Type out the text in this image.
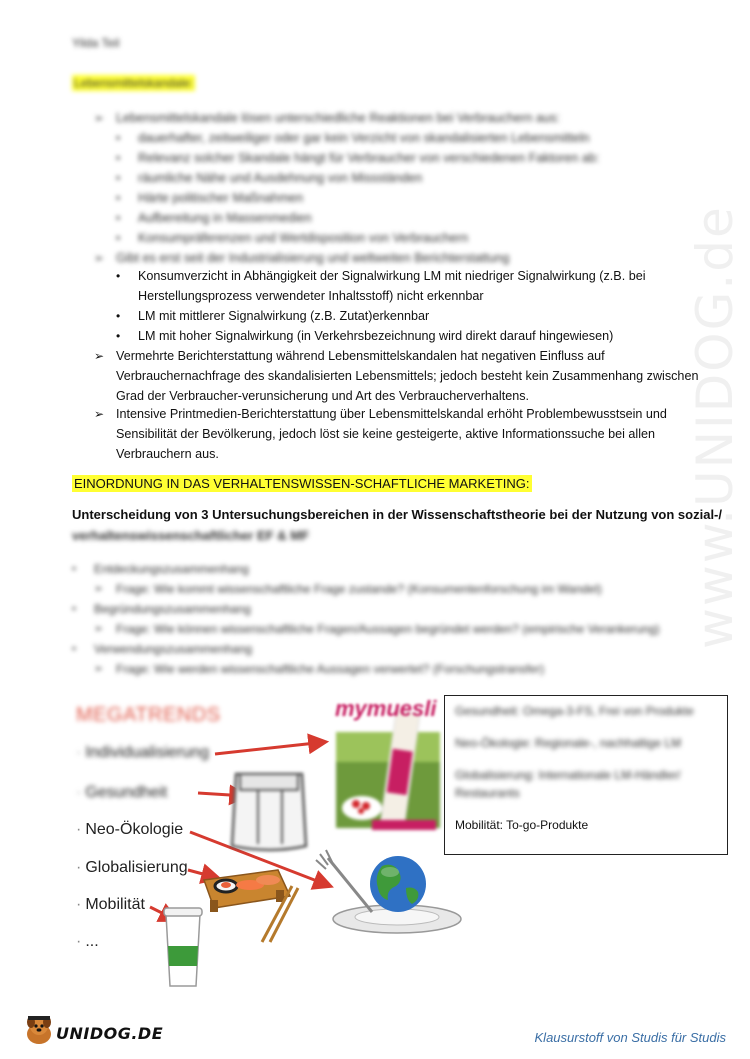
www.UNIDOG.de
Yilda Teil
Lebensmittelskandale:
➢ Lebensmittelskandale lösen unterschiedliche Reaktionen bei Verbrauchern aus:
• dauerhafter, zeitweiliger oder gar kein Verzicht von skandalisierten Lebensmitteln
• Relevanz solcher Skandale hängt für Verbraucher von verschiedenen Faktoren ab:
• räumliche Nähe und Ausdehnung von Missständen
• Härte politischer Maßnahmen
• Aufbereitung in Massenmedien
• Konsumpräferenzen und Wertdisposition von Verbrauchern
➢ Gibt es erst seit der Industrialisierung und weltweiten Berichterstattung
• Konsumverzicht in Abhängigkeit der Signalwirkung LM mit niedriger Signalwirkung (z.B. bei
Herstellungsprozess verwendeter Inhaltsstoff) nicht erkennbar
• LM mit mittlerer Signalwirkung (z.B. Zutat)erkennbar
• LM mit hoher Signalwirkung (in Verkehrsbezeichnung wird direkt darauf hingewiesen)
➢ Vermehrte Berichterstattung während Lebensmittelskandalen hat negativen Einfluss auf
Verbrauchernachfrage des skandalisierten Lebensmittels; jedoch besteht kein Zusammenhang zwischen
Grad der Verbraucher-verunsicherung und Art des Verbraucherverhaltens.
➢ Intensive Printmedien-Berichterstattung über Lebensmittelskandal erhöht Problembewusstsein und
Sensibilität der Bevölkerung, jedoch löst sie keine gesteigerte, aktive Informationssuche bei allen
Verbrauchern aus.
EINORDNUNG IN DAS VERHALTENSWISSEN-SCHAFTLICHE MARKETING:
Unterscheidung von 3 Untersuchungsbereichen in der Wissenschaftstheorie bei der Nutzung von sozial-/
verhaltenswissenschaftlicher EF & MF
• Entdeckungszusammenhang
➢ Frage: Wie kommt wissenschaftliche Frage zustande? (Konsumentenforschung im Wandel)
• Begründungszusammenhang
➢ Frage: Wie können wissenschaftliche Fragen/Aussagen begründet werden? (empirische Verankerung)
• Verwendungszusammenhang
➢ Frage: Wie werden wissenschaftliche Aussagen verwertet? (Forschungstransfer)
MEGATRENDS
· Individualisierung
· Gesundheit
· Neo-Ökologie
· Globalisierung
· Mobilität
· ...
mymuesli Gesundheit: Omega-3-FS, Frei von Produkte
Neo-Ökologie: Regionale-, nachhaltige LM
Globalisierung: Internationale LM-Händler/
Restaurants
Mobilität: To-go-Produkte
UNIDOG.DE	Klausurstoff von Studis für Studis
